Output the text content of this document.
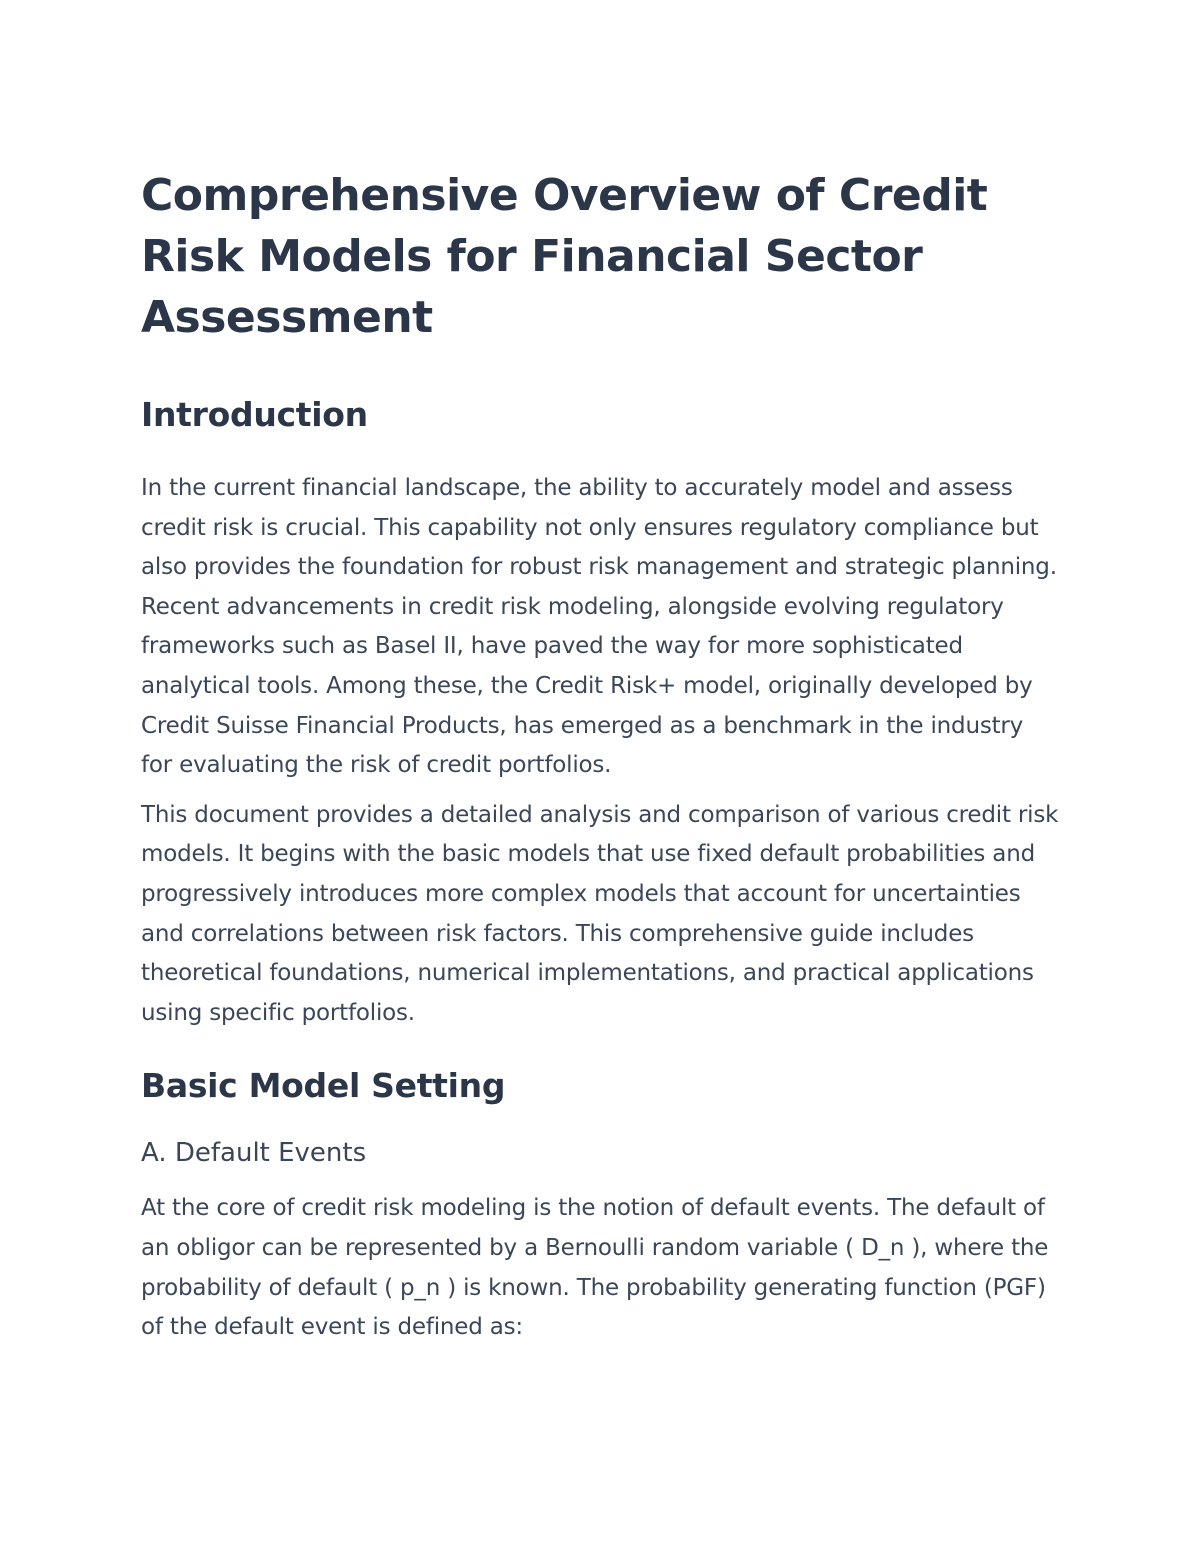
Comprehensive Overview of Credit Risk Models for Financial Sector Assessment
Introduction

In the current financial landscape, the ability to accurately model and assess credit risk is crucial. This capability not only ensures regulatory compliance but also provides the foundation for robust risk management and strategic planning. Recent advancements in credit risk modeling, alongside evolving regulatory frameworks such as Basel II, have paved the way for more sophisticated analytical tools. Among these, the Credit Risk+ model, originally developed by Credit Suisse Financial Products, has emerged as a benchmark in the industry for evaluating the risk of credit portfolios.

This document provides a detailed analysis and comparison of various credit risk models. It begins with the basic models that use fixed default probabilities and progressively introduces more complex models that account for uncertainties and correlations between risk factors. This comprehensive guide includes theoretical foundations, numerical implementations, and practical applications using specific portfolios.

Basic Model Setting
A. Default Events

At the core of credit risk modeling is the notion of default events. The default of an obligor can be represented by a Bernoulli random variable ( D_n ), where the probability of default ( p_n ) is known. The probability generating function (PGF) of the default event is defined as:
